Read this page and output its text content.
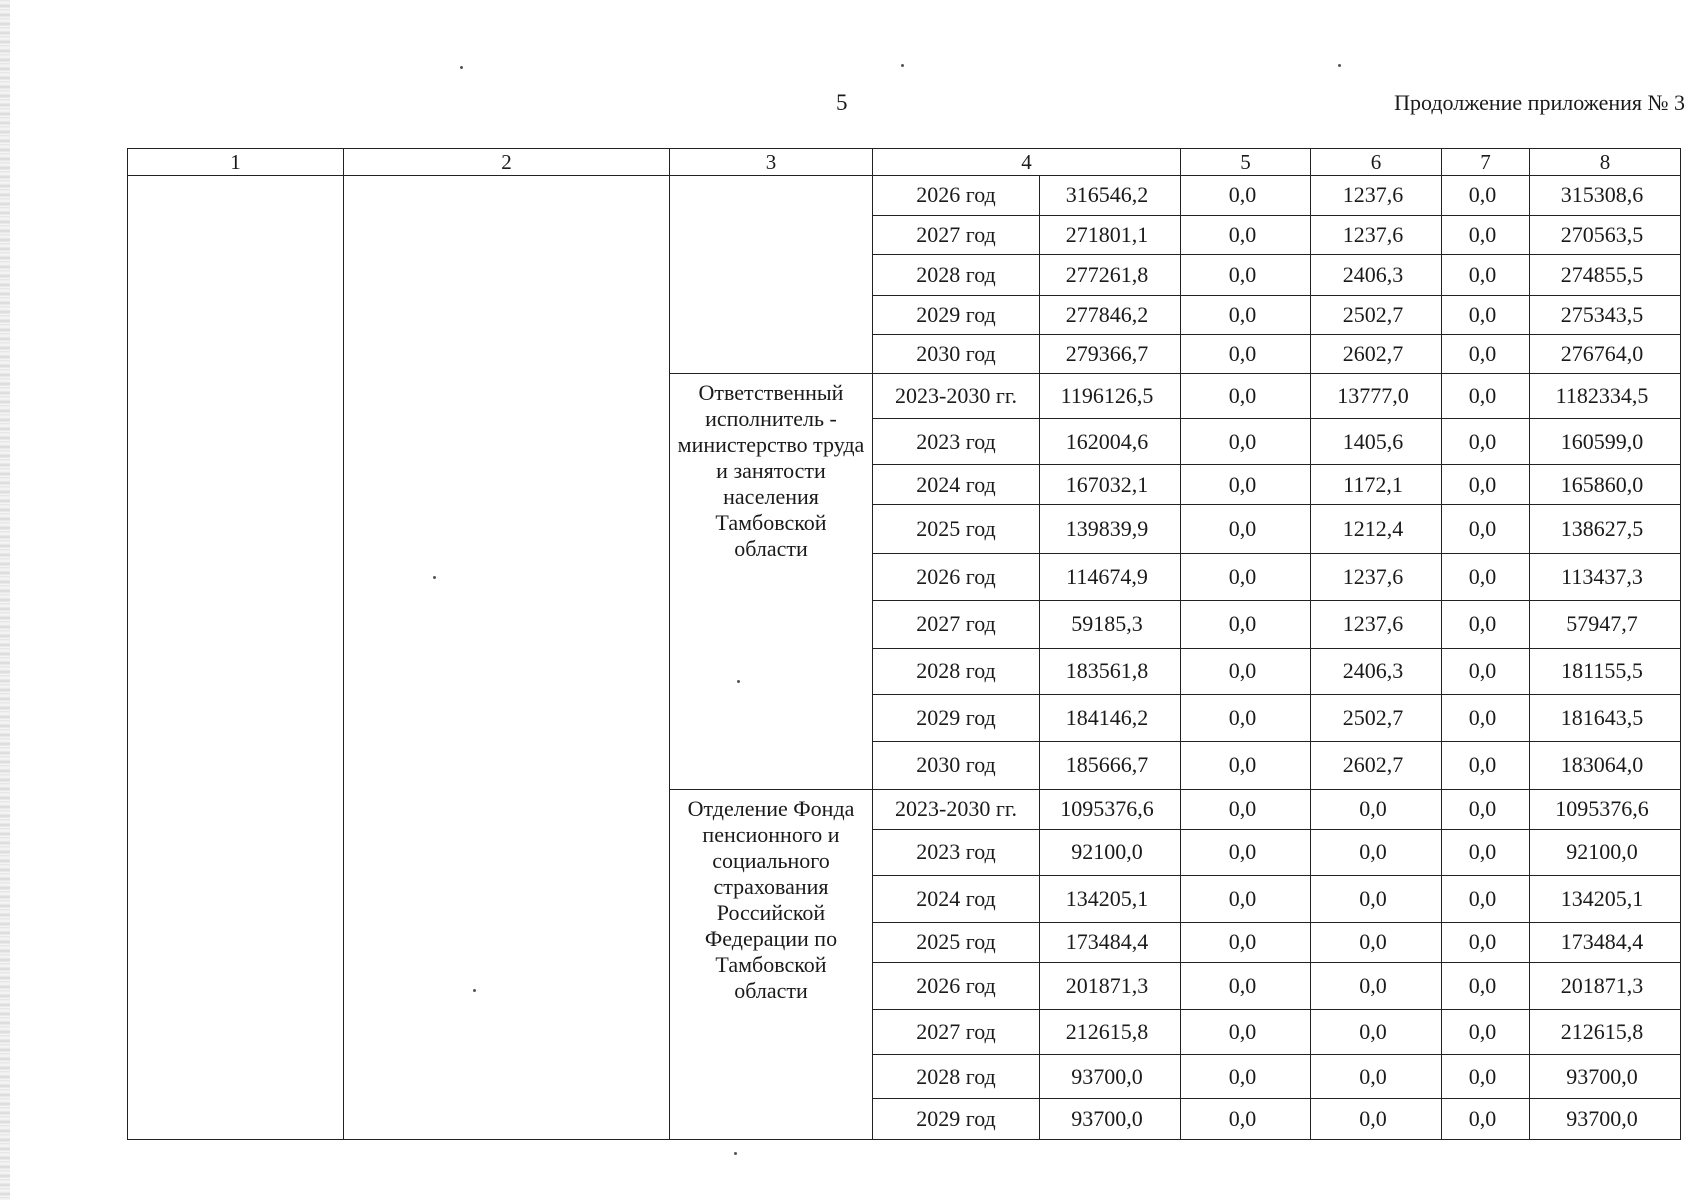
5	Продолжение приложения № 3
1	2	3	4		5	6	7	8
			2026 год	316546,2	0,0	1237,6	0,0	315308,6
			2027 год	271801,1	0,0	1237,6	0,0	270563,5
			2028 год	277261,8	0,0	2406,3	0,0	274855,5
			2029 год	277846,2	0,0	2502,7	0,0	275343,5
			2030 год	279366,7	0,0	2602,7	0,0	276764,0
		Ответственный исполнитель - министерство труда и занятости населения Тамбовской области	2023-2030 гг.	1196126,5	0,0	13777,0	0,0	1182334,5
			2023 год	162004,6	0,0	1405,6	0,0	160599,0
			2024 год	167032,1	0,0	1172,1	0,0	165860,0
			2025 год	139839,9	0,0	1212,4	0,0	138627,5
			2026 год	114674,9	0,0	1237,6	0,0	113437,3
			2027 год	59185,3	0,0	1237,6	0,0	57947,7
			2028 год	183561,8	0,0	2406,3	0,0	181155,5
			2029 год	184146,2	0,0	2502,7	0,0	181643,5
			2030 год	185666,7	0,0	2602,7	0,0	183064,0
		Отделение Фонда пенсионного и социального страхования Российской Федерации по Тамбовской области	2023-2030 гг.	1095376,6	0,0	0,0	0,0	1095376,6
			2023 год	92100,0	0,0	0,0	0,0	92100,0
			2024 год	134205,1	0,0	0,0	0,0	134205,1
			2025 год	173484,4	0,0	0,0	0,0	173484,4
			2026 год	201871,3	0,0	0,0	0,0	201871,3
			2027 год	212615,8	0,0	0,0	0,0	212615,8
			2028 год	93700,0	0,0	0,0	0,0	93700,0
			2029 год	93700,0	0,0	0,0	0,0	93700,0
